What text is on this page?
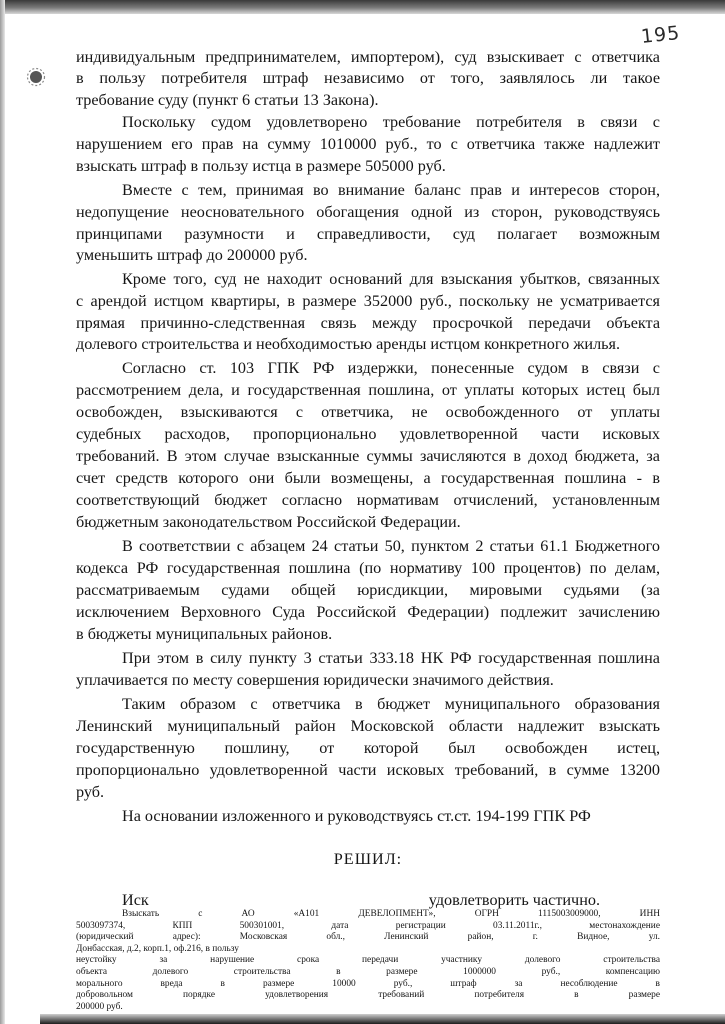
195
индивидуальным предпринимателем, импортером), суд взыскивает с ответчика
в пользу потребителя штраф независимо от того, заявлялось ли такое
требование суду (пункт 6 статьи 13 Закона).
Поскольку судом удовлетворено требование потребителя в связи с
нарушением его прав на сумму 1010000 руб., то с ответчика также надлежит
взыскать штраф в пользу истца в размере 505000 руб.
Вместе с тем, принимая во внимание баланс прав и интересов сторон,
недопущение неосновательного обогащения одной из сторон, руководствуясь
принципами разумности и справедливости, суд полагает возможным
уменьшить штраф до 200000 руб.
Кроме того, суд не находит оснований для взыскания убытков, связанных
с арендой истцом квартиры, в размере 352000 руб., поскольку не усматривается
прямая причинно-следственная связь между просрочкой передачи объекта
долевого строительства и необходимостью аренды истцом конкретного жилья.
Согласно ст. 103 ГПК РФ издержки, понесенные судом в связи с
рассмотрением дела, и государственная пошлина, от уплаты которых истец был
освобожден, взыскиваются с ответчика, не освобожденного от уплаты
судебных расходов, пропорционально удовлетворенной части исковых
требований. В этом случае взысканные суммы зачисляются в доход бюджета, за
счет средств которого они были возмещены, а государственная пошлина - в
соответствующий бюджет согласно нормативам отчислений, установленным
бюджетным законодательством Российской Федерации.
В соответствии с абзацем 24 статьи 50, пунктом 2 статьи 61.1 Бюджетного
кодекса РФ государственная пошлина (по нормативу 100 процентов) по делам,
рассматриваемым судами общей юрисдикции, мировыми судьями (за
исключением Верховного Суда Российской Федерации) подлежит зачислению
в бюджеты муниципальных районов.
При этом в силу пункту 3 статьи 333.18 НК РФ государственная пошлина
уплачивается по месту совершения юридически значимого действия.
Таким образом с ответчика в бюджет муниципального образования
Ленинский муниципальный район Московской области надлежит взыскать
государственную пошлину, от которой был освобожден истец,
пропорционально удовлетворенной части исковых требований, в сумме 13200
руб.
На основании изложенного и руководствуясь ст.ст. 194-199 ГПК РФ
РЕШИЛ:
Иск	удовлетворить частично.
Взыскать с АО «А101 ДЕВЕЛОПМЕНТ», ОГРН 1115003009000, ИНН
5003097374, КПП 500301001, дата регистрации 03.11.2011г., местонахождение
(юридический адрес): Московская обл., Ленинский район, г. Видное, ул.
Донбасская, д.2, корп.1, оф.216, в пользу
неустойку за нарушение срока передачи участнику долевого строительства
объекта долевого строительства в размере 1000000 руб., компенсацию
морального вреда в размере 10000 руб., штраф за несоблюдение в
добровольном порядке удовлетворения требований потребителя в размере
200000 руб.
